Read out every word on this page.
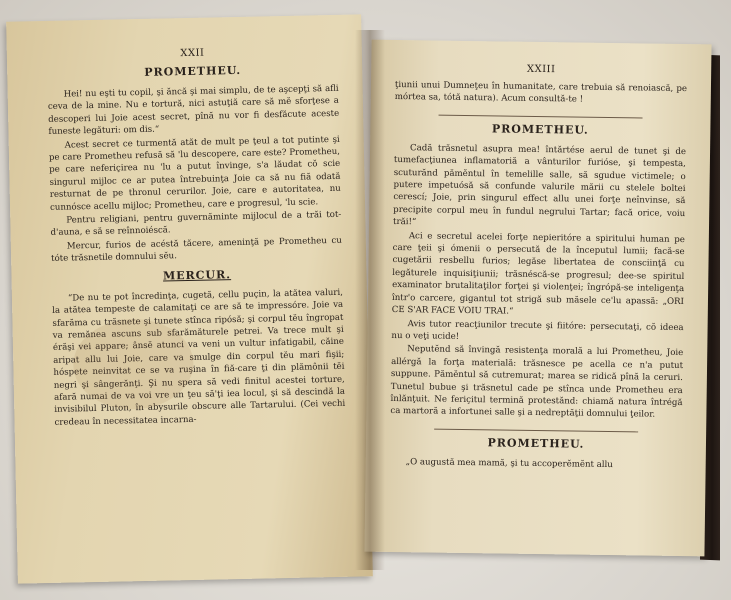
XXII
PROMETHEU.

Hei! nu eşti tu copil, şi ăncă şi mai simplu, de te aşcepţi să afli ceva de la mine. Nu e tortură, nici astuţiă care să mĕ sforţese a descoperi lui Joie acest secret, pînă nu vor fi desfăcute aceste funeste legături: om dis.“

Acest secret ce turmentă atăt de mult pe ţeul a tot putinte şi pe care Prometheu refusă să 'lu descopere, care este? Prometheu, pe care neferiçirea nu 'lu a putut învinge, s'a lăudat cŏ scie singurul mijloc ce ar putea întrebuinţa Joie ca să nu fiă odată resturnat de pe thronul cerurilor. Joie, care e autoritatea, nu cunnósce acellu mijloc; Prometheu, care e progresul, 'lu scie.

Pentru religiani, pentru guvernăminte mijlocul de a trăi tot-d'auna, e să se reînnoiéscă.

Mercur, furios de acéstă tăcere, ameninţă pe Prometheu cu tóte trăsnetile domnului sĕu.

MERCUR.

“De nu te pot încredinţa, cugetă, cellu puçin, la atătea valuri, la atătea tempeste de calamitaţi ce are să te impressóre. Joie va sfarăma cu trăsnete şi tunete stînca ripósă; şi corpul tĕu îngropat va remănea ascuns sub sfarămăturele petrei. Va trece mult şi érăşi vei appare; ânsĕ atunci va veni un vultur infatigabil, căine aripat allu lui Joie, care va smulge din corpul tĕu mari fişii; hóspete neinvitat ce se va ruşina în fiă-care ţi din plămônii tĕi negri şi sângerănţi. Şi nu spera să vedi finitul acestei torture, afară numai de va voi vre un ţeu să'ţi iea locul, şi să descindă la invisibilul Pluton, în abysurile obscure alle Tartarului. (Cei vechi credeau în necessitatea incarna-

XXIII

ţiunii unui Dumneţeu în humanitate, care trebuia să renoiască, pe mórtea sa, tótă natura). Acum consultă-te !

PROMETHEU.

Cadă trăsnetul asupra mea! întărtése aerul de tunet şi de tumefacţiunea inflamatoriă a vânturilor furióse, şi tempesta, scuturănd pămĕntul în temelille salle, să sgudue victimele; o putere impetuósă să confunde valurile mării cu stelele boltei cerescí; Joie, prin singurul effect allu unei forţe neînvinse, să precipite corpul meu în fundul negrului Tartar; facă orice, voiu trăi!“

Aci e secretul acelei forţe nepieritóre a spiritului human pe care ţeii şi ómenii o persecută de la începutul lumii; facă-se cugetării resbellu furios; legăse libertatea de consciinţă cu legăturele inquisiţiunii; trăsnéscă-se progresul; dee-se spiritul examinator brutalitaţilor forţei şi violenţei; îngrópă-se inteligenţa într'o carcere, gigantul tot strigă sub măsele ce'lu apassă: „ORI CE S'AR FACE VOIU TRAI.“

Avis tutor reacţiunilor trecute şi fiitóre: persecutaţi, cŏ ideea nu o veţi ucide!

Neputĕnd să învingă resistenţa morală a lui Prometheu, Joie allérgă la forţa materială: trăsnesce pe acella ce n'a putut suppune. Pămĕntul să cutremurat; marea se ridică pînă la ceruri. Tunetul bubue şi trăsnetul cade pe stînca unde Prometheu era înlănţuit. Ne feriçitul termină protestănd: chiamă natura întrégă ca martoră a infortunei salle şi a nedreptăţii domnului ţeilor.

PROMETHEU.

„O augustă mea mamă, şi tu accoperĕmĕnt allu
